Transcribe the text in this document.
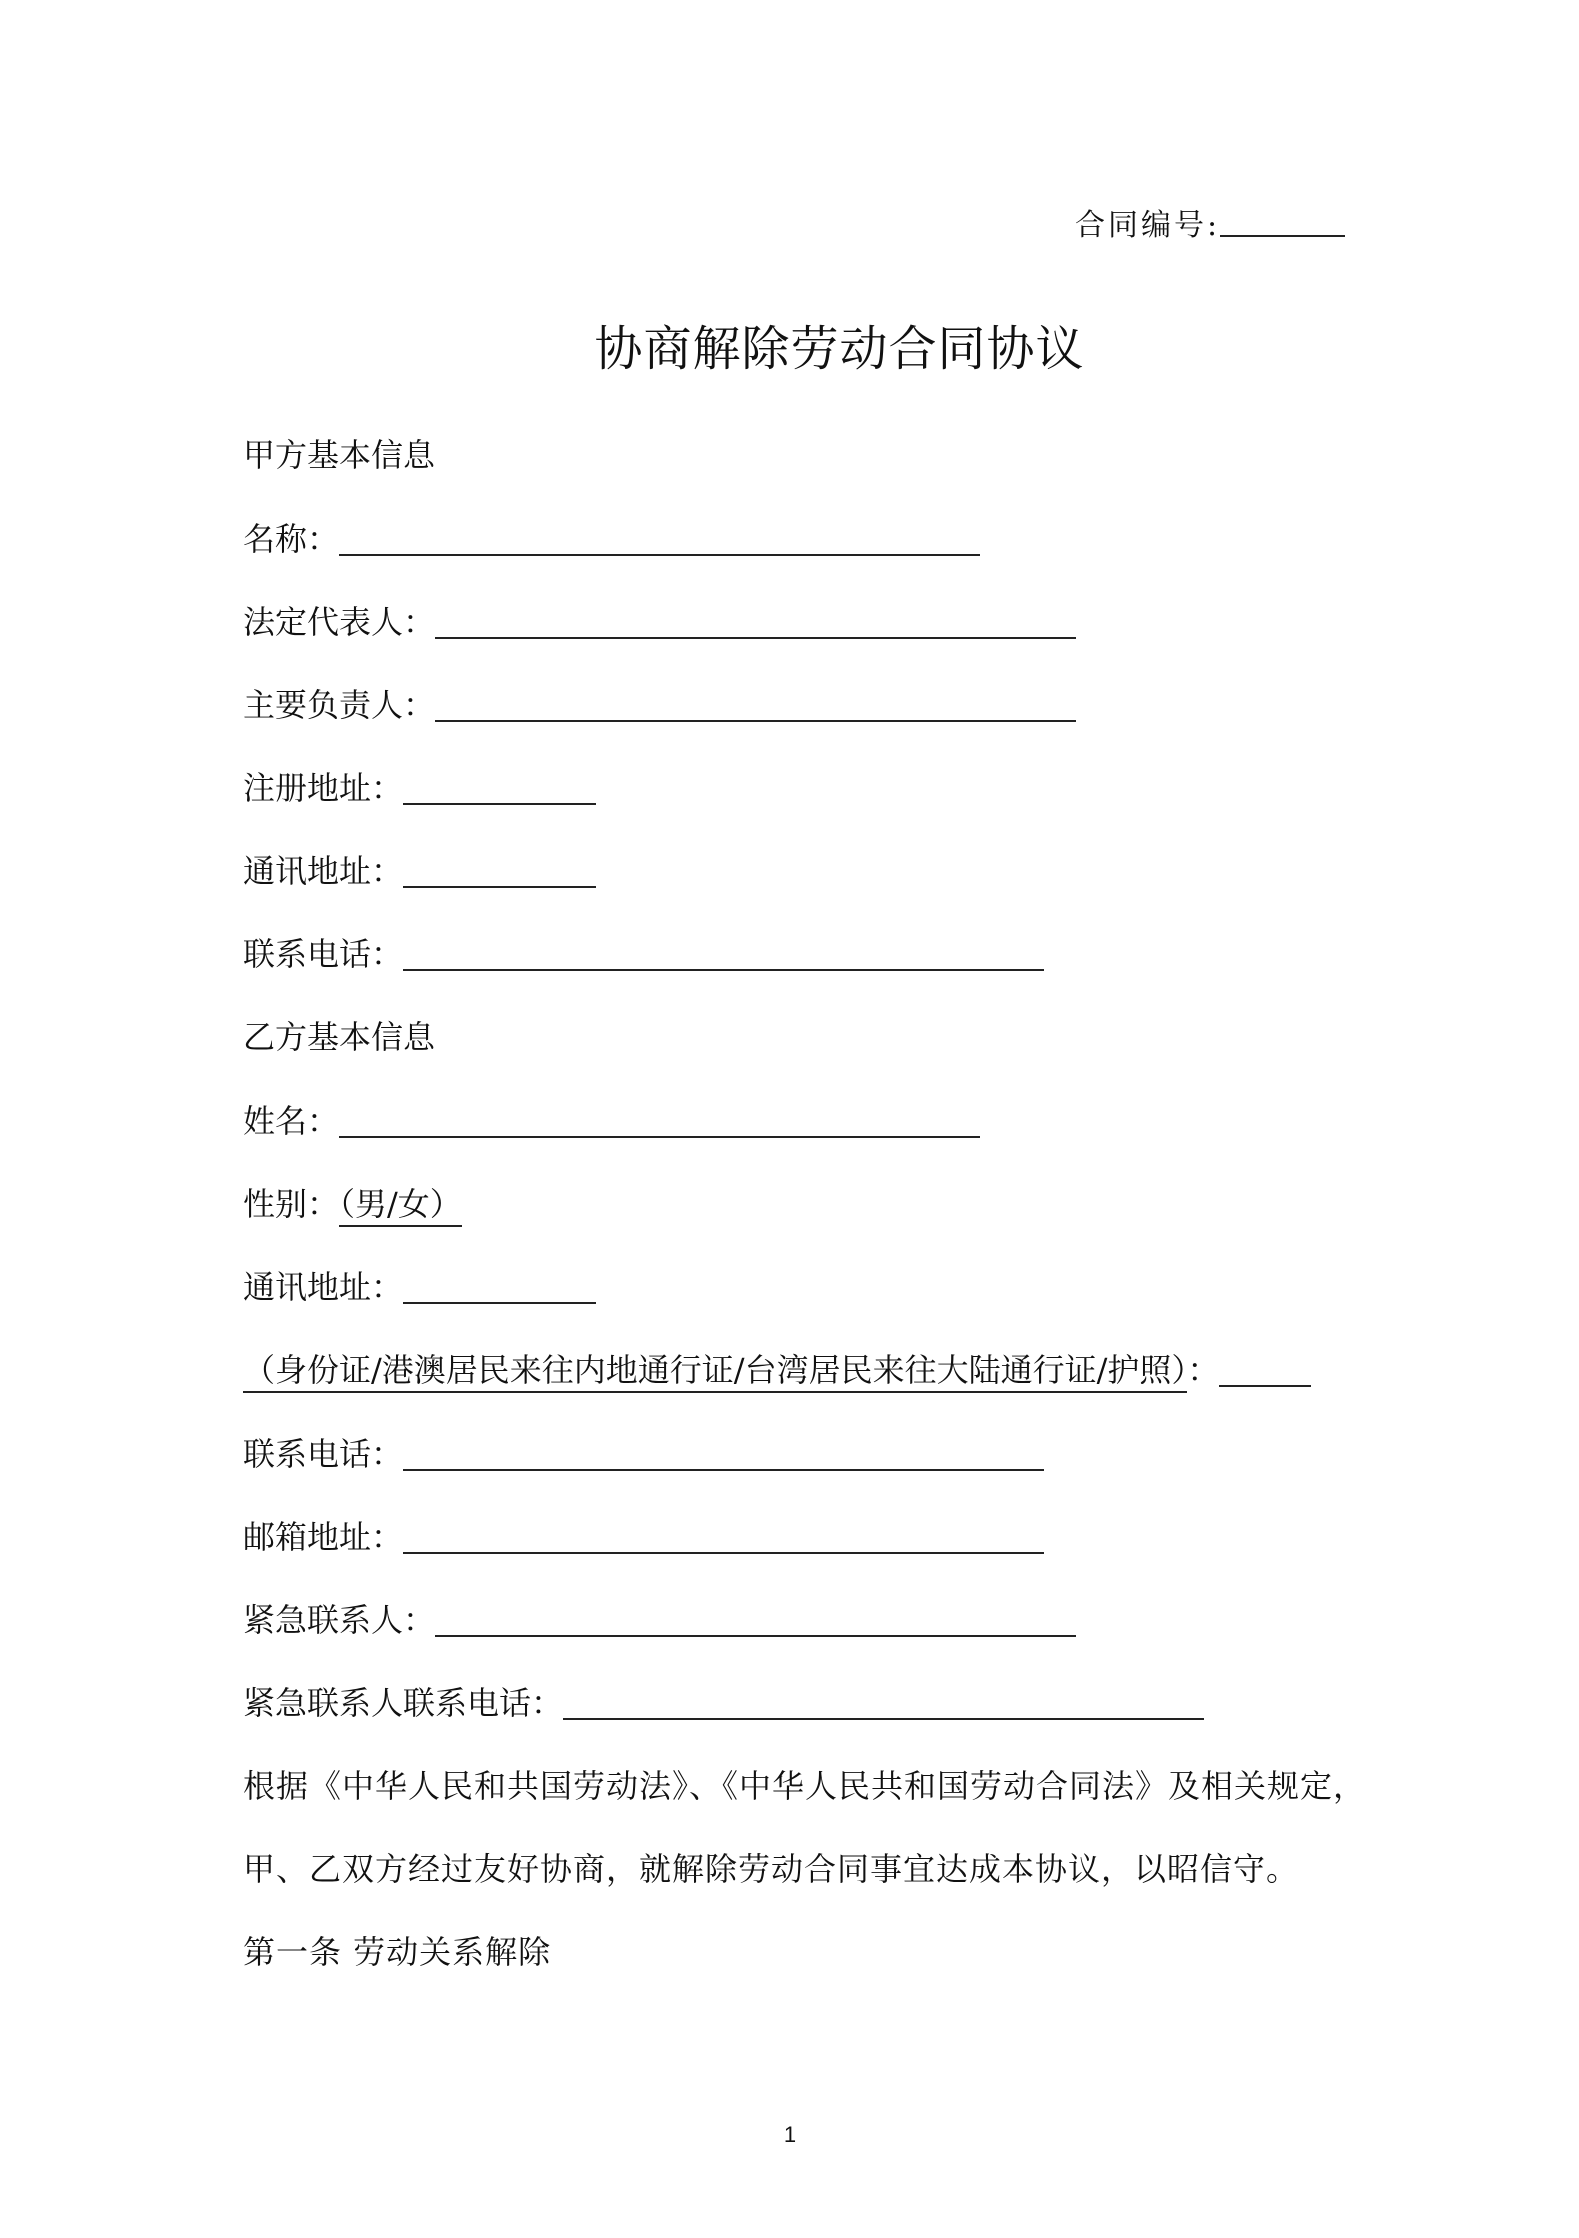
合同编号:
协商解除劳动合同协议
甲方基本信息
名称：
法定代表人：
主要负责人：
注册地址：
通讯地址：
联系电话：
乙方基本信息
姓名：
性别：（男/女）
通讯地址：
（身份证/港澳居民来往内地通行证/台湾居民来往大陆通行证/护照）：
联系电话：
邮箱地址：
紧急联系人：
紧急联系人联系电话：
根据《中华人民和共国劳动法》、《中华人民共和国劳动合同法》及相关规定，
甲、乙双方经过友好协商，就解除劳动合同事宜达成本协议，以昭信守。
第一条 劳动关系解除
1
